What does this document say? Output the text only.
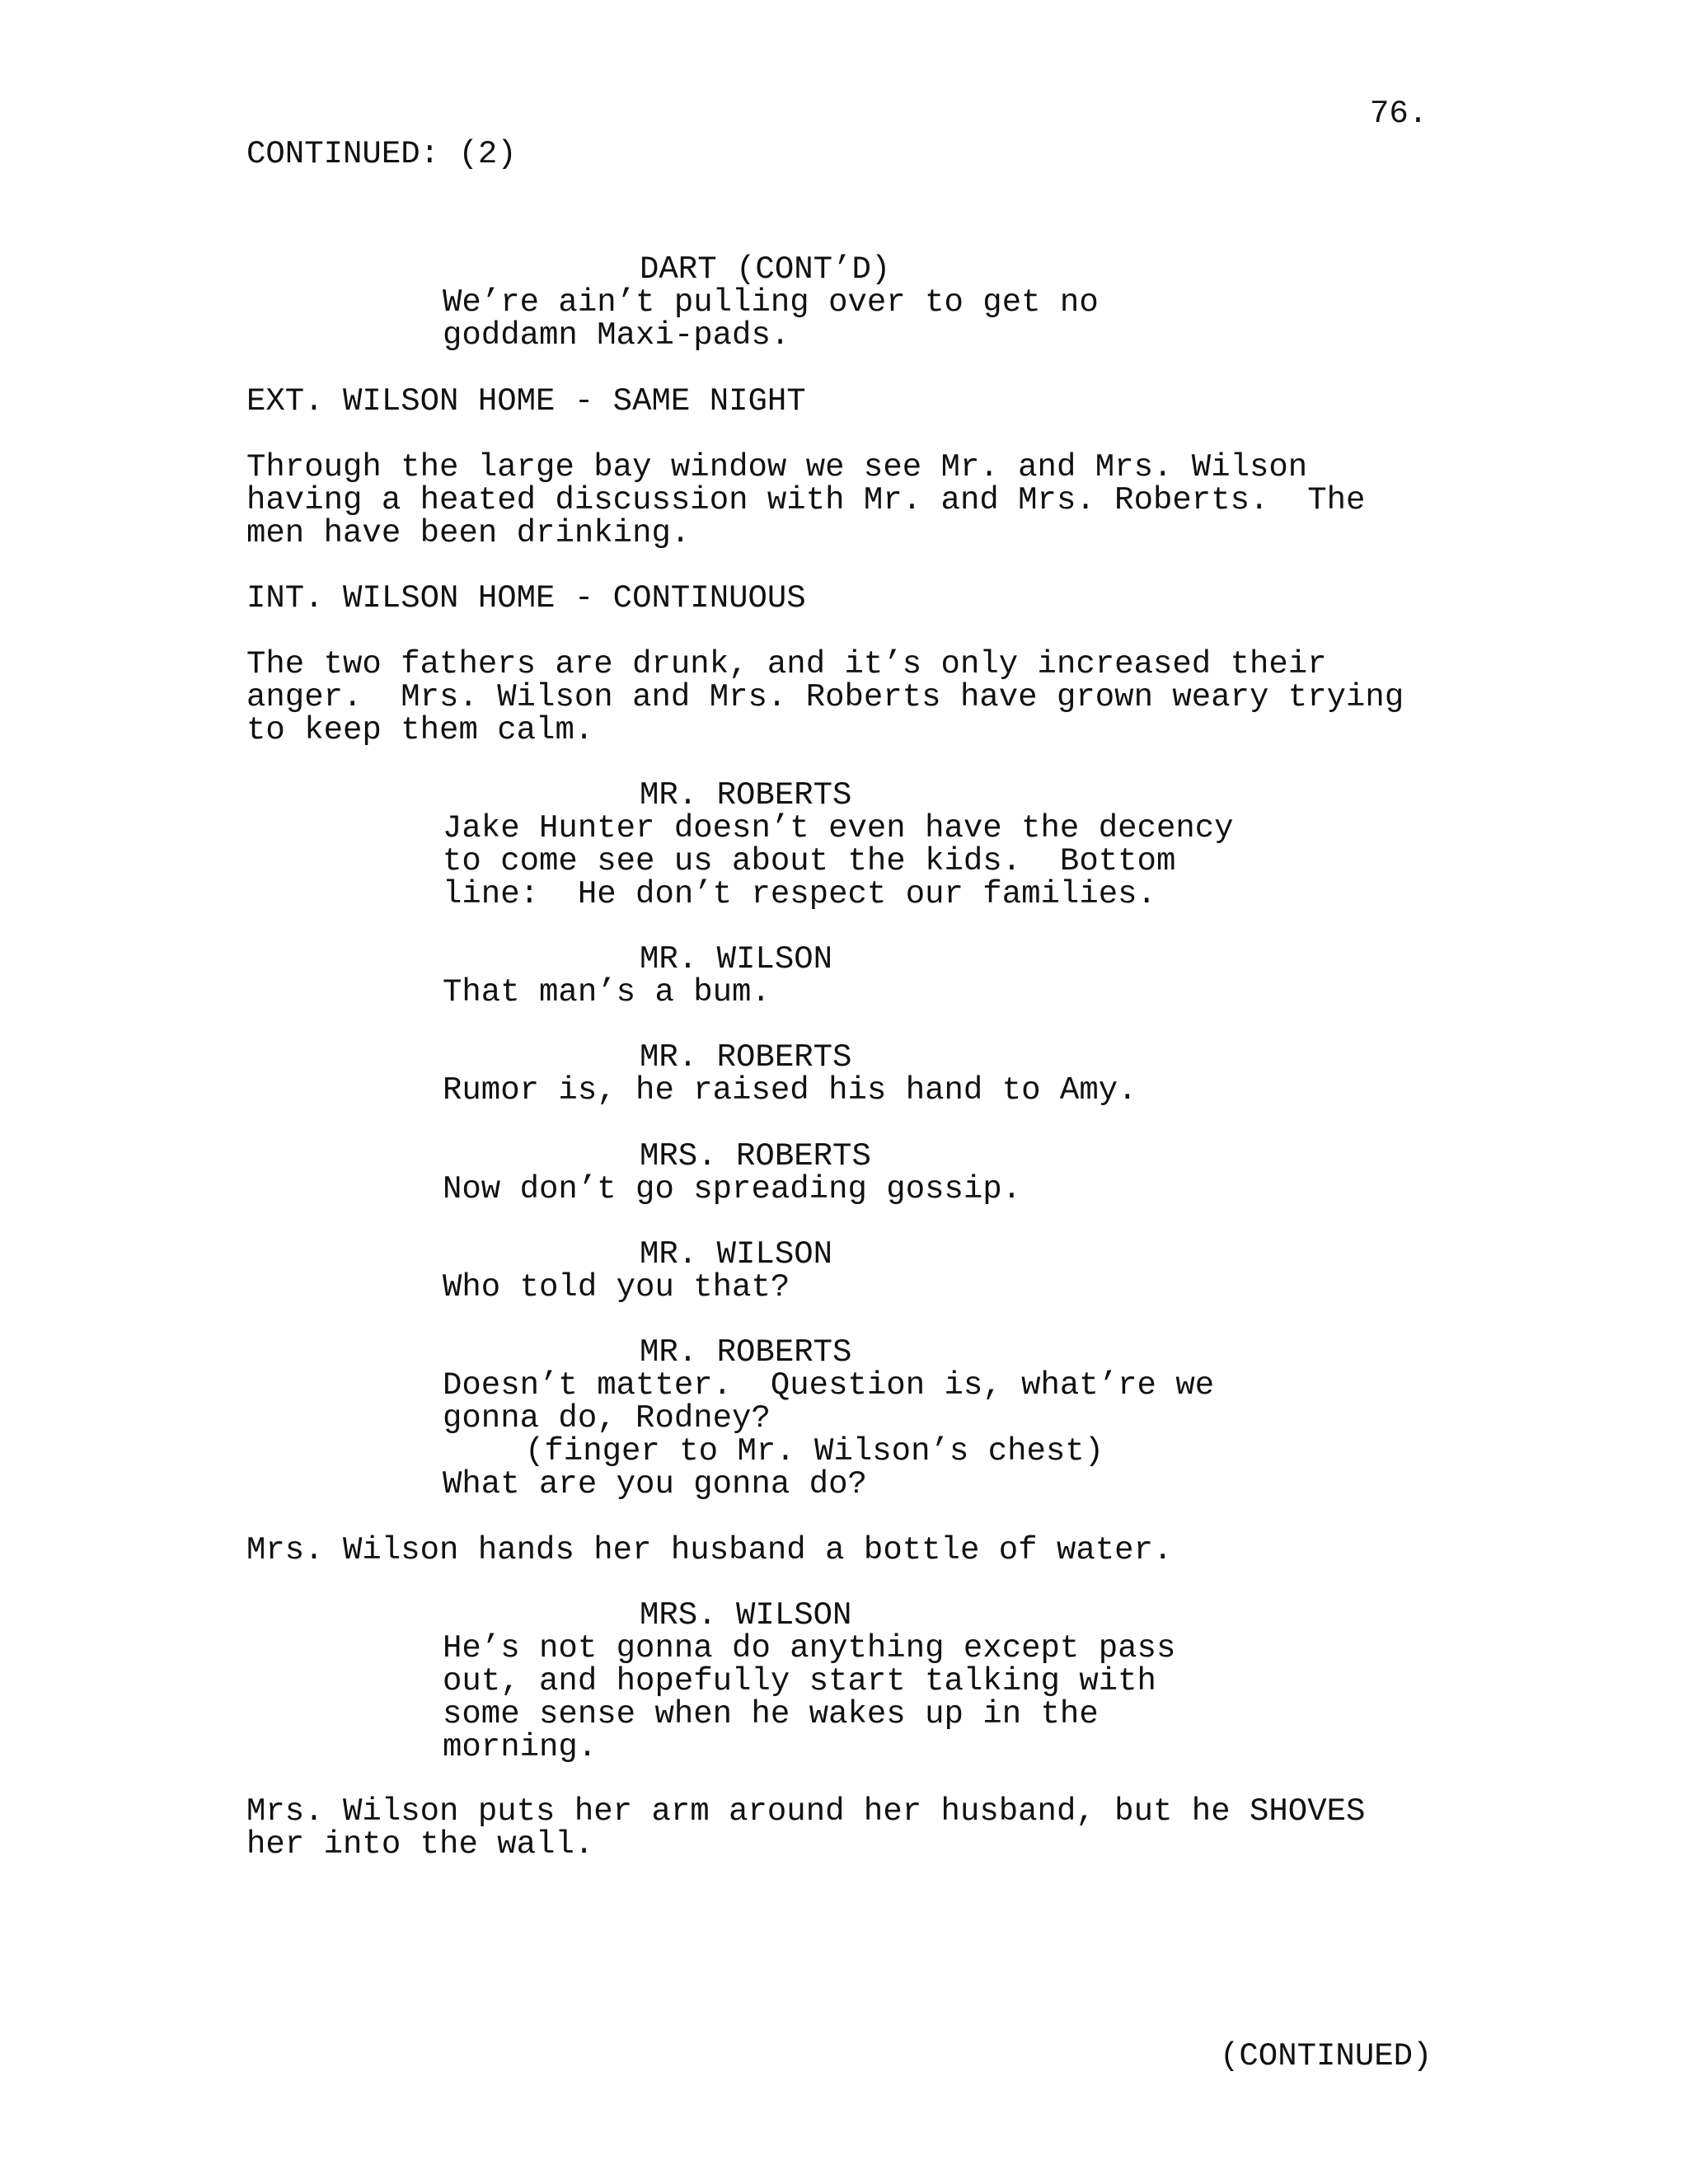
76.
CONTINUED: (2)
DART (CONT’D)
We’re ain’t pulling over to get no
goddamn Maxi-pads.
EXT. WILSON HOME - SAME NIGHT
Through the large bay window we see Mr. and Mrs. Wilson
having a heated discussion with Mr. and Mrs. Roberts.  The
men have been drinking.
INT. WILSON HOME - CONTINUOUS
The two fathers are drunk, and it’s only increased their
anger.  Mrs. Wilson and Mrs. Roberts have grown weary trying
to keep them calm.
MR. ROBERTS
Jake Hunter doesn’t even have the decency
to come see us about the kids.  Bottom
line:  He don’t respect our families.
MR. WILSON
That man’s a bum.
MR. ROBERTS
Rumor is, he raised his hand to Amy.
MRS. ROBERTS
Now don’t go spreading gossip.
MR. WILSON
Who told you that?
MR. ROBERTS
Doesn’t matter.  Question is, what’re we
gonna do, Rodney?
(finger to Mr. Wilson’s chest)
What are you gonna do?
Mrs. Wilson hands her husband a bottle of water.
MRS. WILSON
He’s not gonna do anything except pass
out, and hopefully start talking with
some sense when he wakes up in the
morning.
Mrs. Wilson puts her arm around her husband, but he SHOVES
her into the wall.
(CONTINUED)
